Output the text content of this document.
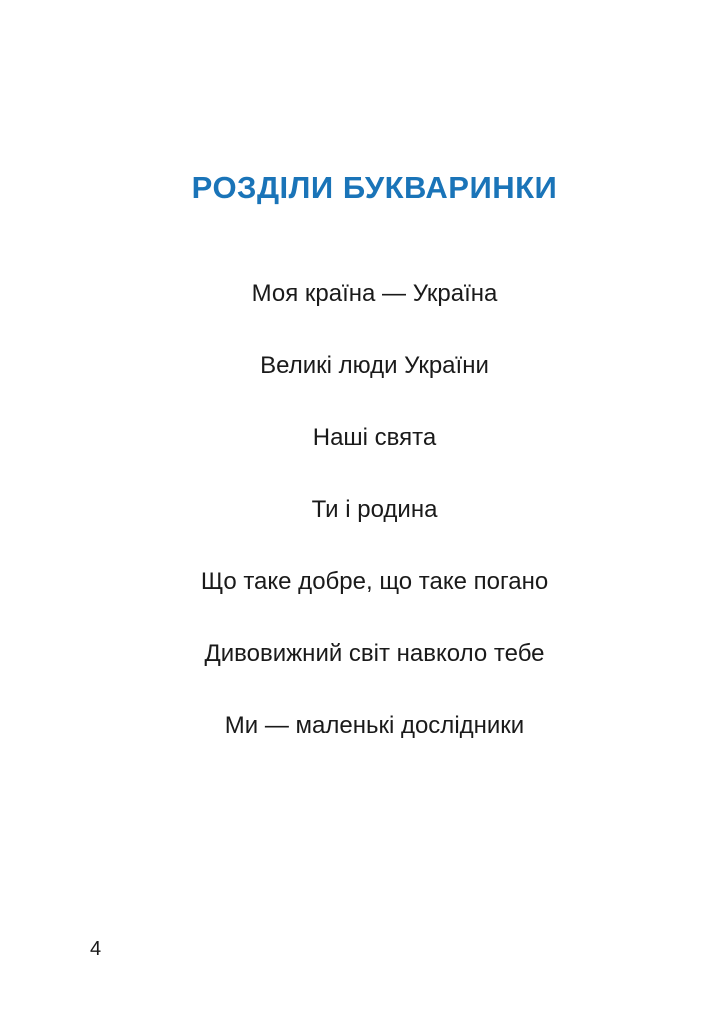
РОЗДІЛИ БУКВАРИНКИ
Моя країна — Україна
Великі люди України
Наші свята
Ти і родина
Що таке добре, що таке погано
Дивовижний світ навколо тебе
Ми — маленькі дослідники
4
